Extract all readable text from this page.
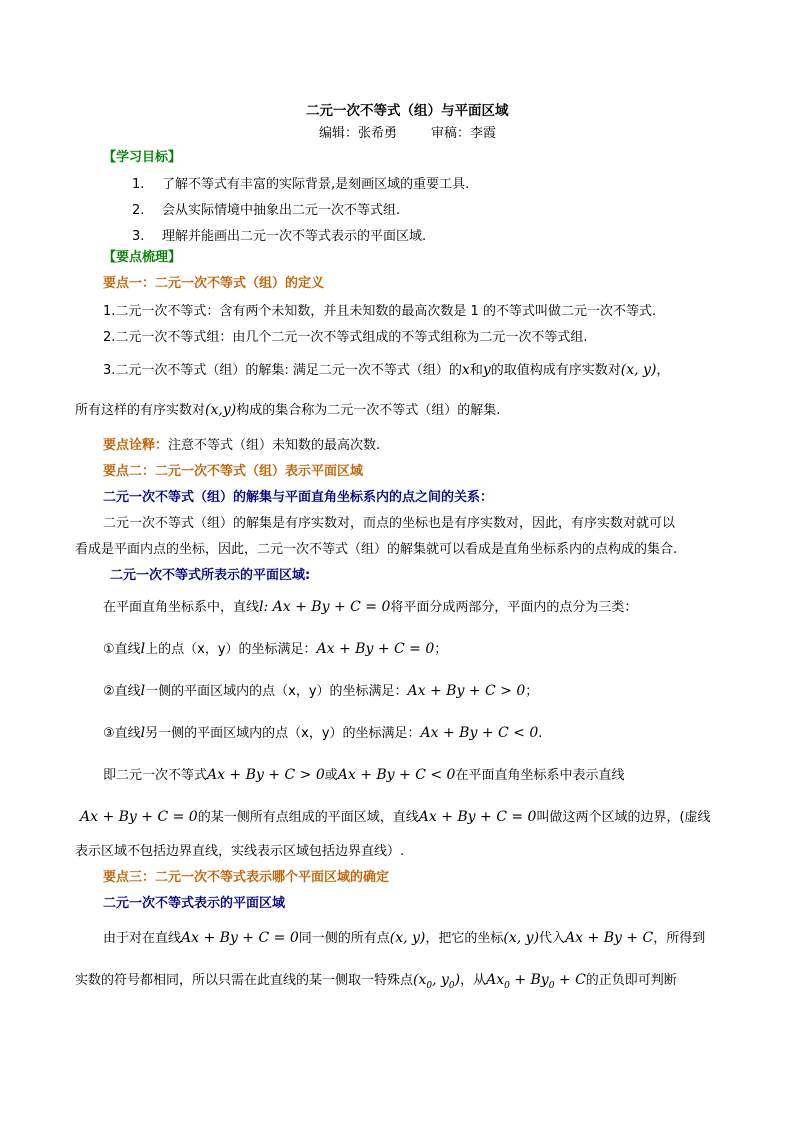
二元一次不等式（组）与平面区域
编辑：张希勇	审稿：李霞
【学习目标】
1. 了解不等式有丰富的实际背景,是刻画区域的重要工具.
2. 会从实际情境中抽象出二元一次不等式组.
3. 理解并能画出二元一次不等式表示的平面区域.
【要点梳理】
要点一：二元一次不等式（组）的定义
1.二元一次不等式：含有两个未知数，并且未知数的最高次数是 1 的不等式叫做二元一次不等式.
2.二元一次不等式组：由几个二元一次不等式组成的不等式组称为二元一次不等式组.
3.二元一次不等式（组）的解集: 满足二元一次不等式（组）的x和y的取值构成有序实数对(x, y)，
所有这样的有序实数对(x,y)构成的集合称为二元一次不等式（组）的解集.
要点诠释：注意不等式（组）未知数的最高次数.
要点二：二元一次不等式（组）表示平面区域
二元一次不等式（组）的解集与平面直角坐标系内的点之间的关系：
二元一次不等式（组）的解集是有序实数对，而点的坐标也是有序实数对，因此，有序实数对就可以
看成是平面内点的坐标，因此，二元一次不等式（组）的解集就可以看成是直角坐标系内的点构成的集合.
二元一次不等式所表示的平面区域:
在平面直角坐标系中，直线l: Ax + By + C = 0将平面分成两部分，平面内的点分为三类：
①直线l上的点（x，y）的坐标满足：Ax + By + C = 0；
②直线l一侧的平面区域内的点（x，y）的坐标满足：Ax + By + C > 0；
③直线l另一侧的平面区域内的点（x，y）的坐标满足：Ax + By + C < 0.
即二元一次不等式Ax + By + C > 0或Ax + By + C < 0在平面直角坐标系中表示直线
Ax + By + C = 0的某一侧所有点组成的平面区域，直线Ax + By + C = 0叫做这两个区域的边界，(虚线
表示区域不包括边界直线，实线表示区域包括边界直线）.
要点三：二元一次不等式表示哪个平面区域的确定
二元一次不等式表示的平面区域
由于对在直线Ax + By + C = 0同一侧的所有点(x, y)，把它的坐标(x, y)代入Ax + By + C，所得到
实数的符号都相同，所以只需在此直线的某一侧取一特殊点($x_0$, $y_0$)，从$Ax_0 + By_0 + C$的正负即可判断
